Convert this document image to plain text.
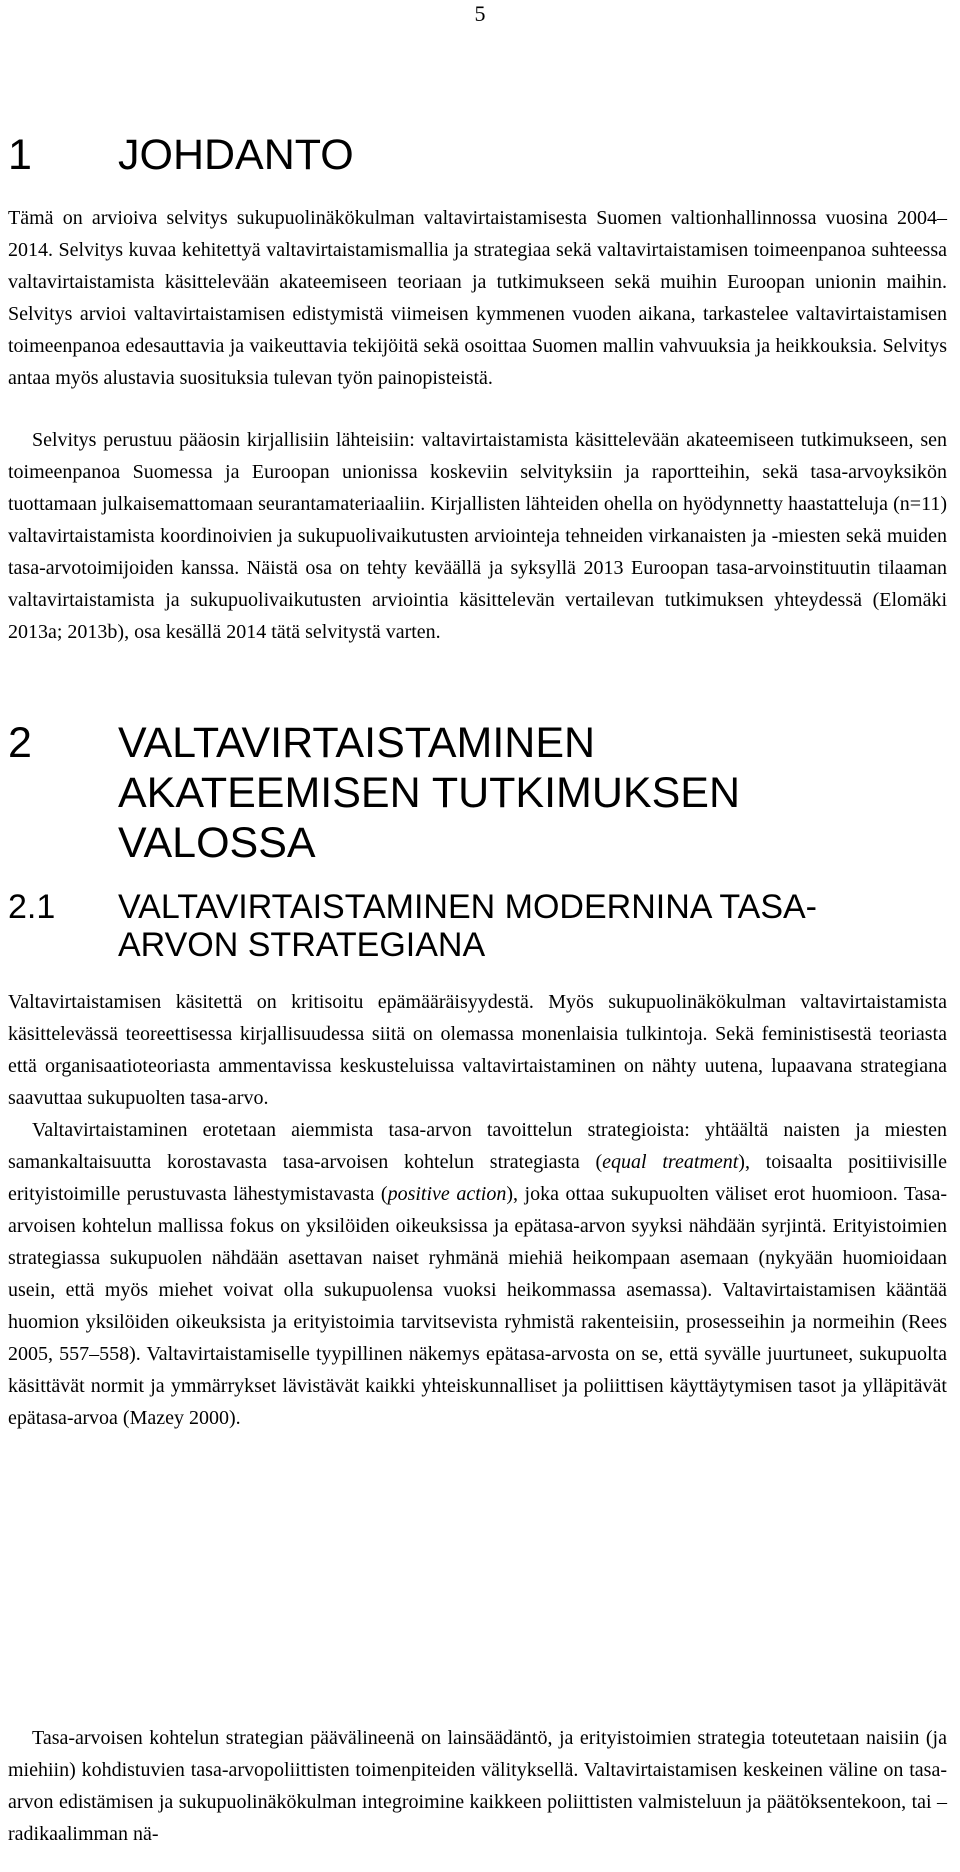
5
1 JOHDANTO

Tämä on arvioiva selvitys sukupuolinäkökulman valtavirtaistamisesta Suomen valtionhallinnossa vuosina 2004–2014. Selvitys kuvaa kehitettyä valtavirtaistamismallia ja strategiaa sekä valtavirtaistamisen toimeenpanoa suhteessa valtavirtaistamista käsittelevään akateemiseen teoriaan ja tutkimukseen sekä muihin Euroopan unionin maihin. Selvitys arvioi valtavirtaistamisen edistymistä viimeisen kymmenen vuoden aikana, tarkastelee valtavirtaistamisen toimeenpanoa edesauttavia ja vaikeuttavia tekijöitä sekä osoittaa Suomen mallin vahvuuksia ja heikkouksia. Selvitys antaa myös alustavia suosituksia tulevan työn painopisteistä.

Selvitys perustuu pääosin kirjallisiin lähteisiin: valtavirtaistamista käsittelevään akateemiseen tutkimukseen, sen toimeenpanoa Suomessa ja Euroopan unionissa koskeviin selvityksiin ja raportteihin, sekä tasa-arvoyksikön tuottamaan julkaisemattomaan seurantamateriaaliin. Kirjallisten lähteiden ohella on hyödynnetty haastatteluja (n=11) valtavirtaistamista koordinoivien ja sukupuolivaikutusten arviointeja tehneiden virkanaisten ja -miesten sekä muiden tasa-arvotoimijoiden kanssa. Näistä osa on tehty keväällä ja syksyllä 2013 Euroopan tasa-arvoinstituutin tilaaman valtavirtaistamista ja sukupuolivaikutusten arviointia käsittelevän vertailevan tutkimuksen yhteydessä (Elomäki 2013a; 2013b), osa kesällä 2014 tätä selvitystä varten.

2 VALTAVIRTAISTAMINEN
AKATEEMISEN TUTKIMUKSEN
VALOSSA
2.1 VALTAVIRTAISTAMINEN MODERNINA TASA-
ARVON STRATEGIANA

Valtavirtaistamisen käsitettä on kritisoitu epämääräisyydestä. Myös sukupuolinäkökulman valtavirtaistamista käsittelevässä teoreettisessa kirjallisuudessa siitä on olemassa monenlaisia tulkintoja. Sekä feministisestä teoriasta että organisaatioteoriasta ammentavissa keskusteluissa valtavirtaistaminen on nähty uutena, lupaavana strategiana saavuttaa sukupuolten tasa-arvo.

Valtavirtaistaminen erotetaan aiemmista tasa-arvon tavoittelun strategioista: yhtäältä naisten ja miesten samankaltaisuutta korostavasta tasa-arvoisen kohtelun strategiasta (equal treatment), toisaalta positiivisille erityistoimille perustuvasta lähestymistavasta (positive action), joka ottaa sukupuolten väliset erot huomioon. Tasa-arvoisen kohtelun mallissa fokus on yksilöiden oikeuksissa ja epätasa-arvon syyksi nähdään syrjintä. Erityistoimien strategiassa sukupuolen nähdään asettavan naiset ryhmänä miehiä heikompaan asemaan (nykyään huomioidaan usein, että myös miehet voivat olla sukupuolensa vuoksi heikommassa asemassa). Valtavirtaistamisen kääntää huomion yksilöiden oikeuksista ja erityistoimia tarvitsevista ryhmistä rakenteisiin, prosesseihin ja normeihin (Rees 2005, 557–558). Valtavirtaistamiselle tyypillinen näkemys epätasa-arvosta on se, että syvälle juurtuneet, sukupuolta käsittävät normit ja ymmärrykset lävistävät kaikki yhteiskunnalliset ja poliittisen käyttäytymisen tasot ja ylläpitävät epätasa-arvoa (Mazey 2000).

Tasa-arvoisen kohtelun strategian päävälineenä on lainsäädäntö, ja erityistoimien strategia toteutetaan naisiin (ja miehiin) kohdistuvien tasa-arvopoliittisten toimenpiteiden välityksellä. Valtavirtaistamisen keskeinen väline on tasa-arvon edistämisen ja sukupuolinäkökulman integroimine kaikkeen poliittisten valmisteluun ja päätöksentekoon, tai – radikaalimman nä-
